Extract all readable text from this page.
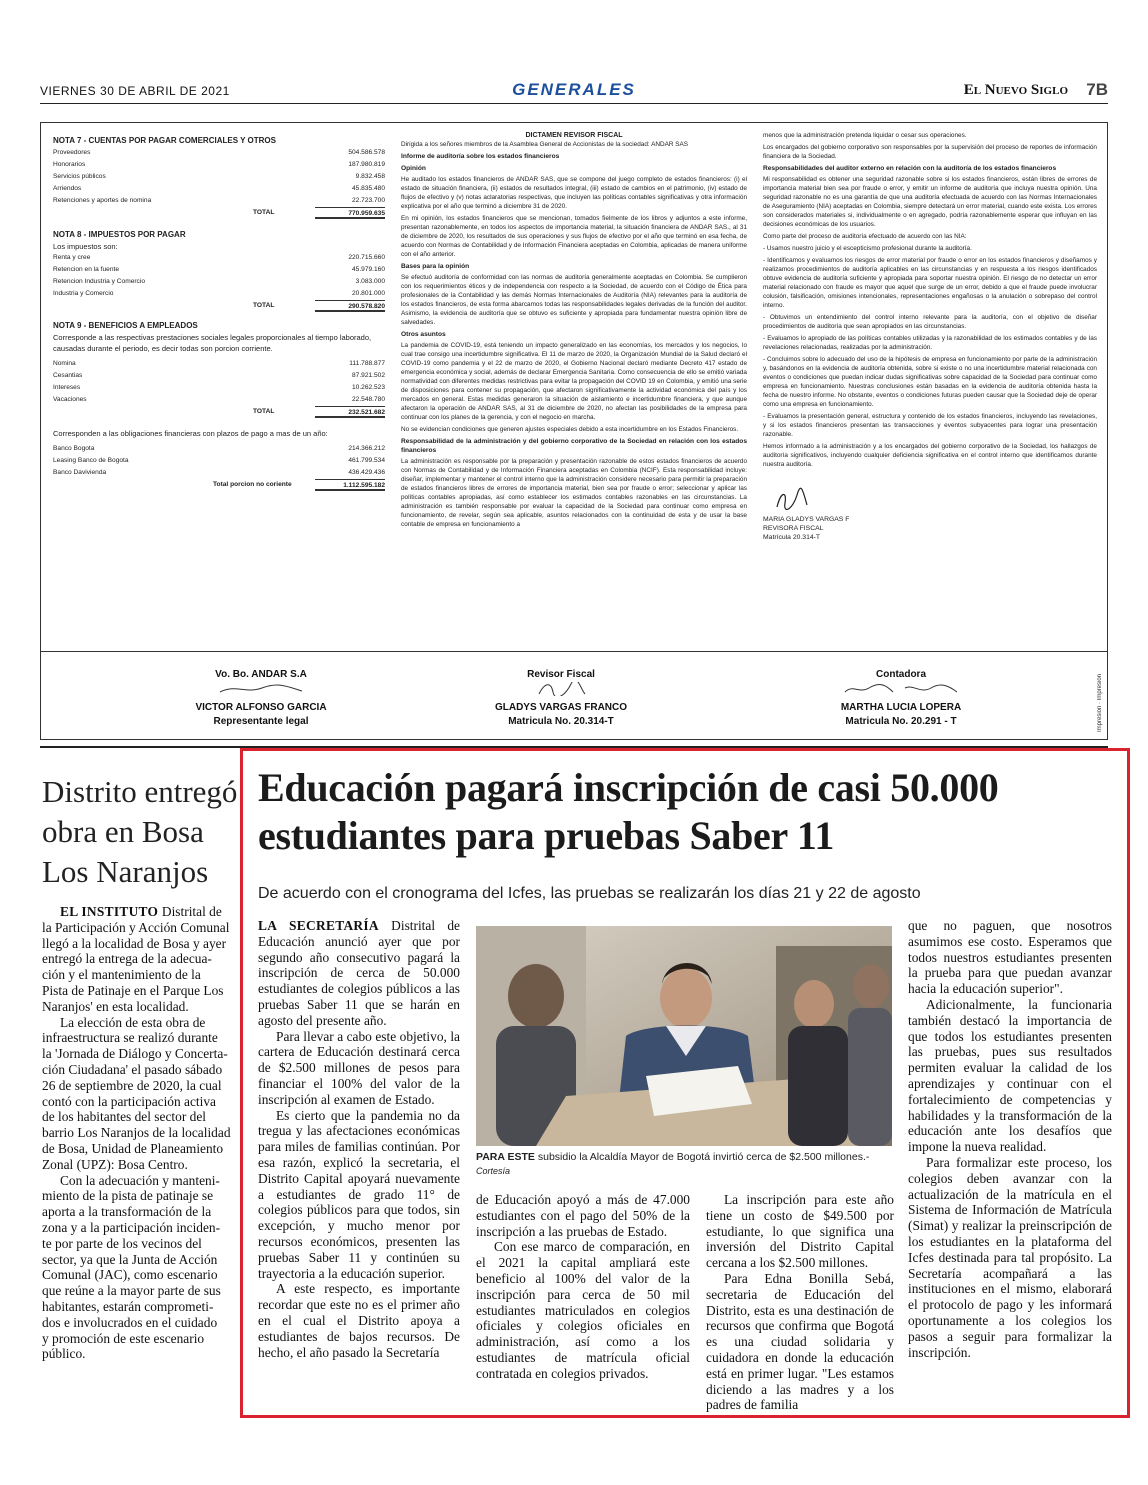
VIERNES 30 DE ABRIL DE 2021	GENERALES	El Nuevo Siglo 7B
NOTA 7 - CUENTAS POR PAGAR COMERCIALES Y OTROS
Proveedores	504.586.578
Honorarios	187.980.819
Servicios públicos	9.832.458
Arriendos	45.835.480
Retenciones y aportes de nomina	22.723.700
TOTAL	770.959.635
NOTA 8 - IMPUESTOS POR PAGAR
Los impuestos son:
Renta y cree	220.715.660
Retencion en la fuente	45.979.160
Retencion Industria y Comercio	3.083.000
Industria y Comercio	20.801.000
TOTAL	290.578.820
NOTA 9 - BENEFICIOS A EMPLEADOS
Corresponde a las respectivas prestaciones sociales legales proporcionales al tiempo laborado, causadas durante el periodo, es decir todas son porcion corriente.
Nomina	111.788.877
Cesantias	87.921.502
Intereses	10.262.523
Vacaciones	22.548.780
TOTAL	232.521.682
Corresponden a las obligaciones financieras con plazos de pago a mas de un año:
Banco Bogota	214.366.212
Leasing Banco de Bogota	461.799.534
Banco Davivienda	436.429.436
Total porcion no coriente	1.112.595.182
DICTAMEN REVISOR FISCAL

Dirigida a los señores miembros de la Asamblea General de Accionistas de la sociedad: ANDAR SAS

Informe de auditoría sobre los estados financieros
Opinión

He auditado los estados financieros de ANDAR SAS, que se compone del juego completo de estados financieros: (i) el estado de situación financiera, (ii) estados de resultados integral, (iii) estado de cambios en el patrimonio, (iv) estado de flujos de efectivo y (v) notas aclaratorias respectivas, que incluyen las políticas contables significativas y otra información explicativa por el año que terminó a diciembre 31 de 2020.

En mi opinión, los estados financieros que se mencionan, tomados fielmente de los libros y adjuntos a este informe, presentan razonablemente, en todos los aspectos de importancia material, la situación financiera de ANDAR SAS., al 31 de diciembre de 2020, los resultados de sus operaciones y sus flujos de efectivo por el año que terminó en esa fecha, de acuerdo con Normas de Contabilidad y de Información Financiera aceptadas en Colombia, aplicadas de manera uniforme con el año anterior.

Bases para la opinión

Se efectuó auditoría de conformidad con las normas de auditoría generalmente aceptadas en Colombia. Se cumplieron con los requerimientos éticos y de independencia con respecto a la Sociedad, de acuerdo con el Código de Ética para profesionales de la Contabilidad y las demás Normas Internacionales de Auditoría (NIA) relevantes para la auditoría de los estados financieros, de esta forma abarcamos todas las responsabilidades legales derivadas de la función del auditor. Asimismo, la evidencia de auditoría que se obtuvo es suficiente y apropiada para fundamentar nuestra opinión libre de salvedades.

Otros asuntos

La pandemia de COVID-19, está teniendo un impacto generalizado en las economías, los mercados y los negocios, lo cual trae consigo una incertidumbre significativa. El 11 de marzo de 2020, la Organización Mundial de la Salud declaró el COVID-19 como pandemia y el 22 de marzo de 2020, el Gobierno Nacional declaró mediante Decreto 417 estado de emergencia económica y social, además de declarar Emergencia Sanitaria. Como consecuencia de ello se emitió variada normatividad con diferentes medidas restrictivas para evitar la propagación del COVID 19 en Colombia, y emitió una serie de disposiciones para contener su propagación, que afectaron significativamente la actividad económica del país y los mercados en general. Estas medidas generaron la situación de aislamiento e incertidumbre financiera, y que aunque afectaron la operación de ANDAR SAS, al 31 de diciembre de 2020, no afectan las posibilidades de la empresa para continuar con los planes de la gerencia, y con el negocio en marcha.

No se evidencian condiciones que generen ajustes especiales debido a esta incertidumbre en los Estados Financieros.

Responsabilidad de la administración y del gobierno corporativo de la Sociedad en relación con los estados financieros

La administración es responsable por la preparación y presentación razonable de estos estados financieros de acuerdo con Normas de Contabilidad y de Información Financiera aceptadas en Colombia (NCIF). Esta responsabilidad incluye: diseñar, implementar y mantener el control interno que la administración considere necesario para permitir la preparación de estados financieros libres de errores de importancia material, bien sea por fraude o error; seleccionar y aplicar las políticas contables apropiadas, así como establecer los estimados contables razonables en las circunstancias. La administración es también responsable por evaluar la capacidad de la Sociedad para continuar como empresa en funcionamiento, de revelar, según sea aplicable, asuntos relacionados con la continuidad de esta y de usar la base contable de empresa en funcionamiento a

menos que la administración pretenda liquidar o cesar sus operaciones.

Los encargados del gobierno corporativo son responsables por la supervisión del proceso de reportes de información financiera de la Sociedad.

Responsabilidades del auditor externo en relación con la auditoría de los estados financieros

Mi responsabilidad es obtener una seguridad razonable sobre si los estados financieros, están libres de errores de importancia material bien sea por fraude o error, y emitir un informe de auditoría que incluya nuestra opinión. Una seguridad razonable no es una garantía de que una auditoría efectuada de acuerdo con las Normas Internacionales de Aseguramiento (NIA) aceptadas en Colombia, siempre detectará un error material, cuando este exista. Los errores son considerados materiales si, individualmente o en agregado, podría razonablemente esperar que influyan en las decisiones económicas de los usuarios.

Como parte del proceso de auditoría efectuado de acuerdo con las NIA:

- Usamos nuestro juicio y el escepticismo profesional durante la auditoría.

- Identificamos y evaluamos los riesgos de error material por fraude o error en los estados financieros y diseñamos y realizamos procedimientos de auditoría aplicables en las circunstancias y en respuesta a los riesgos identificados obtuve evidencia de auditoría suficiente y apropiada para soportar nuestra opinión. El riesgo de no detectar un error material relacionado con fraude es mayor que aquel que surge de un error, debido a que el fraude puede involucrar colusión, falsificación, omisiones intencionales, representaciones engañosas o la anulación o sobrepaso del control interno.

- Obtuvimos un entendimiento del control interno relevante para la auditoría, con el objetivo de diseñar procedimientos de auditoría que sean apropiados en las circunstancias.

- Evaluamos lo apropiado de las políticas contables utilizadas y la razonabilidad de los estimados contables y de las revelaciones relacionadas, realizadas por la administración.

- Concluimos sobre lo adecuado del uso de la hipótesis de empresa en funcionamiento por parte de la administración y, basándonos en la evidencia de auditoría obtenida, sobre si existe o no una incertidumbre material relacionada con eventos o condiciones que puedan indicar dudas significativas sobre capacidad de la Sociedad para continuar como empresa en funcionamiento. Nuestras conclusiones están basadas en la evidencia de auditoría obtenida hasta la fecha de nuestro informe. No obstante, eventos o condiciones futuras pueden causar que la Sociedad deje de operar como una empresa en funcionamiento.

- Evaluamos la presentación general, estructura y contenido de los estados financieros, incluyendo las revelaciones, y si los estados financieros presentan las transacciones y eventos subyacentes para lograr una presentación razonable.

Hemos informado a la administración y a los encargados del gobierno corporativo de la Sociedad, los hallazgos de auditoría significativos, incluyendo cualquier deficiencia significativa en el control interno que identificamos durante nuestra auditoría.

MARIA GLADYS VARGAS F
REVISORA FISCAL
Matrícula 20.314-T
Vo. Bo. ANDAR S.A
VICTOR ALFONSO GARCIA
Representante legal
Revisor Fiscal
GLADYS VARGAS FRANCO
Matricula No. 20.314-T
Contadora
MARTHA LUCIA LOPERA
Matricula No. 20.291 - T	Impresión · Impresión
Distrito entregó obra en Bosa Los Naranjos
EL INSTITUTO Distrital de
la Participación y Acción Comunal
llegó a la localidad de Bosa y ayer
entregó la entrega de la adecua-
ción y el mantenimiento de la
Pista de Patinaje en el Parque Los
Naranjos' en esta localidad.
La elección de esta obra de
infraestructura se realizó durante
la 'Jornada de Diálogo y Concerta-
ción Ciudadana' el pasado sábado
26 de septiembre de 2020, la cual
contó con la participación activa
de los habitantes del sector del
barrio Los Naranjos de la localidad
de Bosa, Unidad de Planeamiento
Zonal (UPZ): Bosa Centro.
Con la adecuación y manteni-
miento de la pista de patinaje se
aporta a la transformación de la
zona y a la participación inciden-
te por parte de los vecinos del
sector, ya que la Junta de Acción
Comunal (JAC), como escenario
que reúne a la mayor parte de sus
habitantes, estarán comprometi-
dos e involucrados en el cuidado
y promoción de este escenario
público.
Educación pagará inscripción de casi 50.000 estudiantes para pruebas Saber 11
De acuerdo con el cronograma del Icfes, las pruebas se realizarán los días 21 y 22 de agosto

LA SECRETARÍA Distrital de Educación anunció ayer que por segundo año consecutivo pagará la inscripción de cerca de 50.000 estudiantes de colegios públicos a las pruebas Saber 11 que se harán en agosto del presente año.

Para llevar a cabo este objetivo, la cartera de Educación destinará cerca de $2.500 millones de pesos para financiar el 100% del valor de la inscripción al examen de Estado.

Es cierto que la pandemia no da tregua y las afectaciones económicas para miles de familias continúan. Por esa razón, explicó la secretaria, el Distrito Capital apoyará nuevamente a estudiantes de grado 11° de colegios públicos para que todos, sin excepción, y mucho menor por recursos económicos, presenten las pruebas Saber 11 y continúen su trayectoria a la educación superior.

A este respecto, es importante recordar que este no es el primer año en el cual el Distrito apoya a estudiantes de bajos recursos. De hecho, el año pasado la Secretaría

PARA ESTE subsidio la Alcaldía Mayor de Bogotá invirtió cerca de $2.500 millones.-Cortesía

de Educación apoyó a más de 47.000 estudiantes con el pago del 50% de la inscripción a las pruebas de Estado.

Con ese marco de comparación, en el 2021 la capital ampliará este beneficio al 100% del valor de la inscripción para cerca de 50 mil estudiantes matriculados en colegios oficiales y colegios oficiales en administración, así como a los estudiantes de matrícula oficial contratada en colegios privados.

La inscripción para este año tiene un costo de $49.500 por estudiante, lo que significa una inversión del Distrito Capital cercana a los $2.500 millones.

Para Edna Bonilla Sebá, secretaria de Educación del Distrito, esta es una destinación de recursos que confirma que Bogotá es una ciudad solidaria y cuidadora en donde la educación está en primer lugar. "Les estamos diciendo a las madres y a los padres de familia

que no paguen, que nosotros asumimos ese costo. Esperamos que todos nuestros estudiantes presenten la prueba para que puedan avanzar hacia la educación superior".

Adicionalmente, la funcionaria también destacó la importancia de que todos los estudiantes presenten las pruebas, pues sus resultados permiten evaluar la calidad de los aprendizajes y continuar con el fortalecimiento de competencias y habilidades y la transformación de la educación ante los desafíos que impone la nueva realidad.

Para formalizar este proceso, los colegios deben avanzar con la actualización de la matrícula en el Sistema de Información de Matrícula (Simat) y realizar la preinscripción de los estudiantes en la plataforma del Icfes destinada para tal propósito. La Secretaría acompañará a las instituciones en el mismo, elaborará el protocolo de pago y les informará oportunamente a los colegios los pasos a seguir para formalizar la inscripción.
